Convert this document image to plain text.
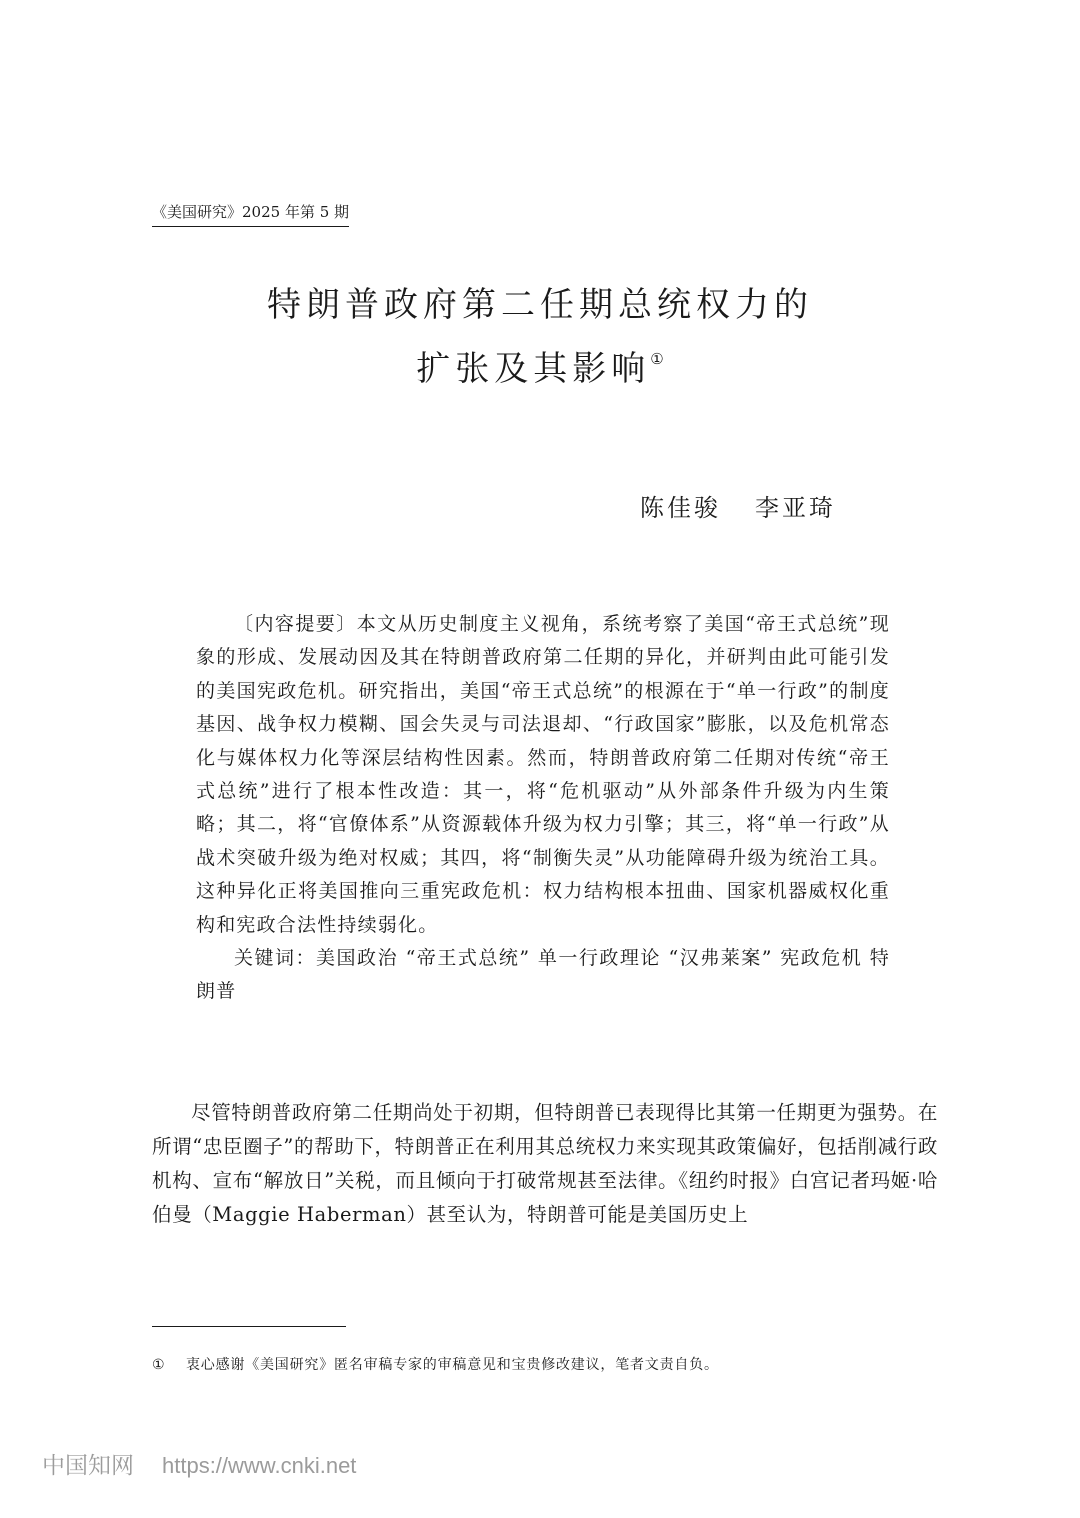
《美国研究》2025 年第 5 期
特朗普政府第二任期总统权力的
扩张及其影响①
陈佳骏 李亚琦

〔内容提要〕本文从历史制度主义视角，系统考察了美国“帝王式总统”现象的形成、发展动因及其在特朗普政府第二任期的异化，并研判由此可能引发的美国宪政危机。研究指出，美国“帝王式总统”的根源在于“单一行政”的制度基因、战争权力模糊、国会失灵与司法退却、“行政国家”膨胀，以及危机常态化与媒体权力化等深层结构性因素。然而，特朗普政府第二任期对传统“帝王式总统”进行了根本性改造：其一，将“危机驱动”从外部条件升级为内生策略；其二，将“官僚体系”从资源载体升级为权力引擎；其三，将“单一行政”从战术突破升级为绝对权威；其四，将“制衡失灵”从功能障碍升级为统治工具。这种异化正将美国推向三重宪政危机：权力结构根本扭曲、国家机器威权化重构和宪政合法性持续弱化。

关键词：美国政治 “帝王式总统” 单一行政理论 “汉弗莱案” 宪政危机 特朗普

尽管特朗普政府第二任期尚处于初期，但特朗普已表现得比其第一任期更为强势。在所谓“忠臣圈子”的帮助下，特朗普正在利用其总统权力来实现其政策偏好，包括削减行政机构、宣布“解放日”关税，而且倾向于打破常规甚至法律。《纽约时报》白宫记者玛姬·哈伯曼（Maggie Haberman）甚至认为，特朗普可能是美国历史上

① 衷心感谢《美国研究》匿名审稿专家的审稿意见和宝贵修改建议，笔者文责自负。
中国知网 https://www.cnki.net
